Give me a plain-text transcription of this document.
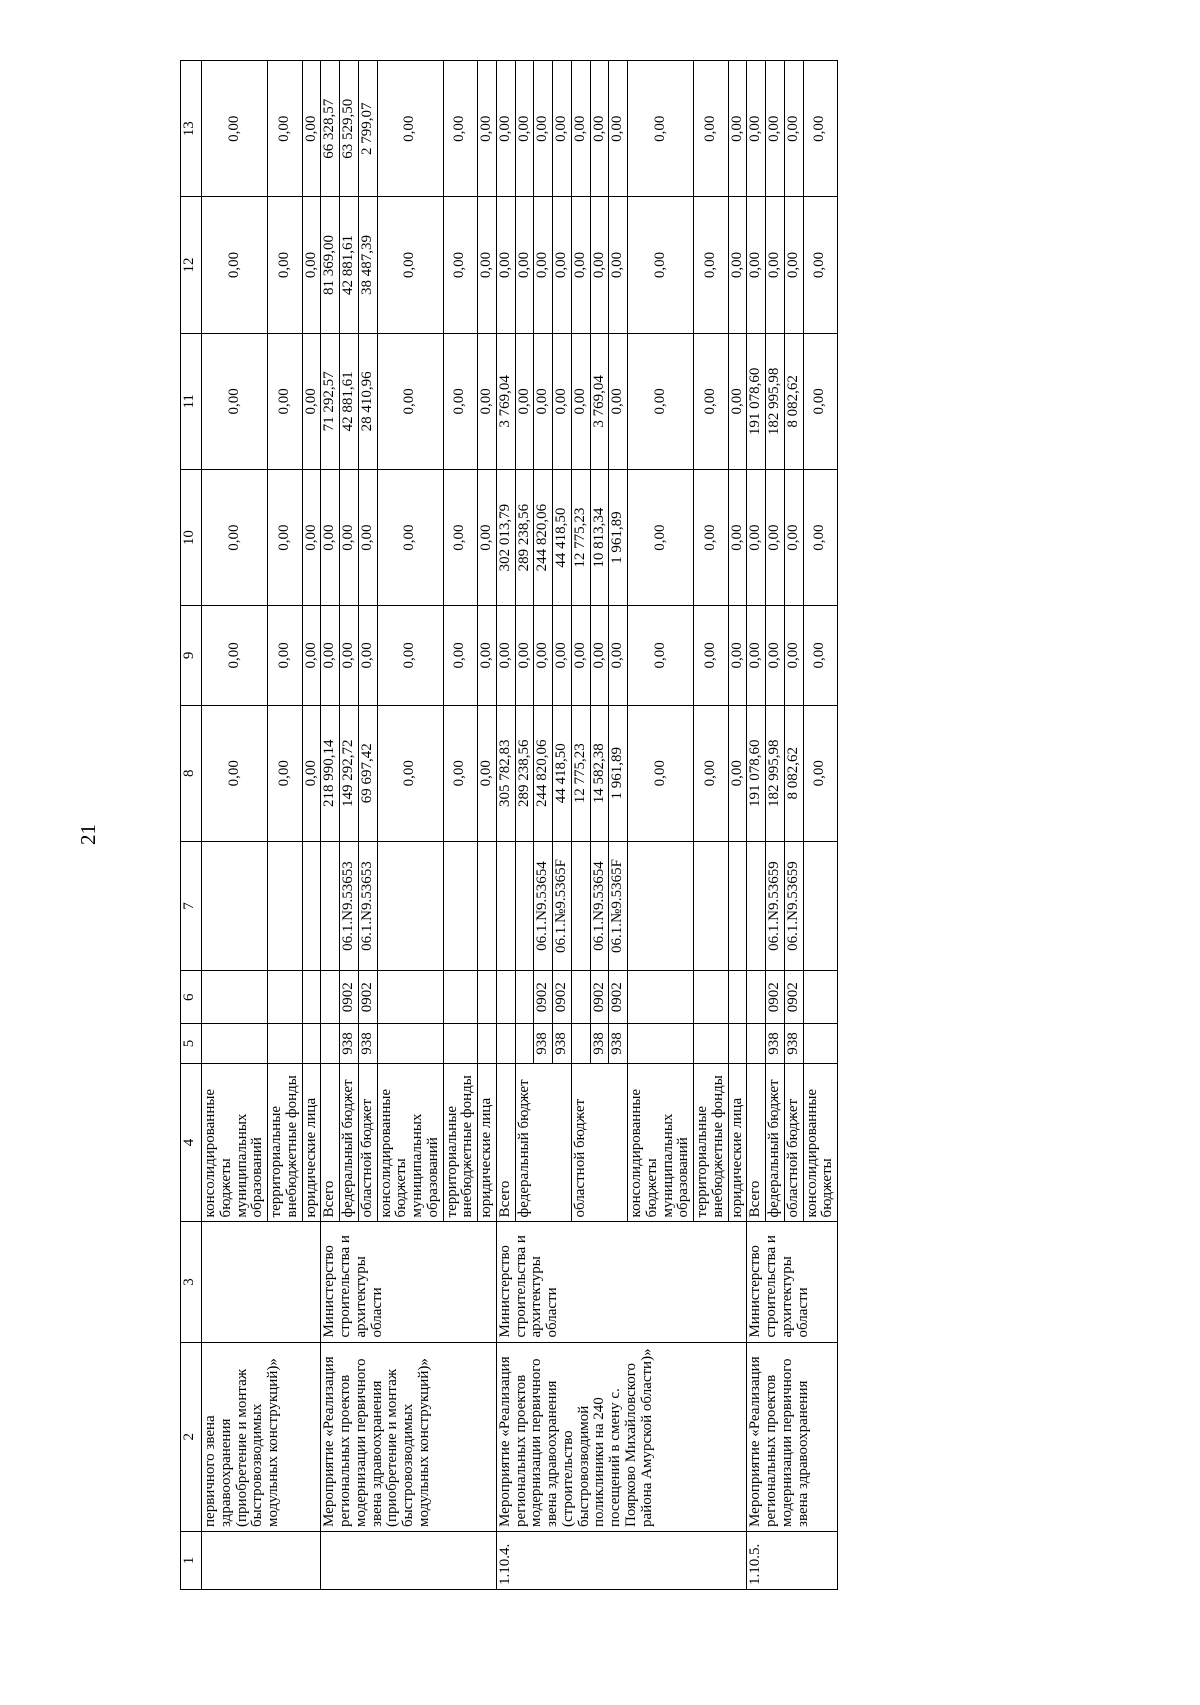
21
1	2	3	4	5	6	7	8	9	10	11	12	13
	первичного звена здравоохранения (приобретение и монтаж быстровозводимых модульных конструкций)»		консолидированные бюджеты муниципальных образований				0,00	0,00	0,00	0,00	0,00	0,00
			территориальные внебюджетные фонды				0,00	0,00	0,00	0,00	0,00	0,00
			юридические лица				0,00	0,00	0,00	0,00	0,00	0,00
	Мероприятие «Реализация региональных проектов модернизации первичного звена здравоохранения (приобретение и монтаж быстровозводимых модульных конструкций)»	Министерство строительства и архитектуры области	Всего				218 990,14	0,00	0,00	71 292,57	81 369,00	66 328,57
			федеральный бюджет	938	0902	06.1.N9.53653	149 292,72	0,00	0,00	42 881,61	42 881,61	63 529,50
			областной бюджет	938	0902	06.1.N9.53653	69 697,42	0,00	0,00	28 410,96	38 487,39	2 799,07
			консолидированные бюджеты муниципальных образований				0,00	0,00	0,00	0,00	0,00	0,00
			территориальные внебюджетные фонды				0,00	0,00	0,00	0,00	0,00	0,00
			юридические лица				0,00	0,00	0,00	0,00	0,00	0,00
1.10.4.	Мероприятие «Реализация региональных проектов модернизации первичного звена здравоохранения (строительство быстровозводимой поликлиники на 240 посещений в смену с. Поярково Михайловского района Амурской области)»	Министерство строительства и архитектуры области	Всего				305 782,83	0,00	302 013,79	3 769,04	0,00	0,00
			федеральный бюджет				289 238,56	0,00	289 238,56	0,00	0,00	0,00
				938	0902	06.1.N9.53654	244 820,06	0,00	244 820,06	0,00	0,00	0,00
				938	0902	06.1.№9.5365F	44 418,50	0,00	44 418,50	0,00	0,00	0,00
			областной бюджет				12 775,23	0,00	12 775,23	0,00	0,00	0,00
				938	0902	06.1.N9.53654	14 582,38	0,00	10 813,34	3 769,04	0,00	0,00
				938	0902	06.1.№9.5365F	1 961,89	0,00	1 961,89	0,00	0,00	0,00
			консолидированные бюджеты муниципальных образований				0,00	0,00	0,00	0,00	0,00	0,00
			территориальные внебюджетные фонды				0,00	0,00	0,00	0,00	0,00	0,00
			юридические лица				0,00	0,00	0,00	0,00	0,00	0,00
1.10.5.	Мероприятие «Реализация региональных проектов модернизации первичного звена здравоохранения	Министерство строительства и архитектуры области	Всего				191 078,60	0,00	0,00	191 078,60	0,00	0,00
			федеральный бюджет	938	0902	06.1.N9.53659	182 995,98	0,00	0,00	182 995,98	0,00	0,00
			областной бюджет	938	0902	06.1.N9.53659	8 082,62	0,00	0,00	8 082,62	0,00	0,00
			консолидированные бюджеты				0,00	0,00	0,00	0,00	0,00	0,00
